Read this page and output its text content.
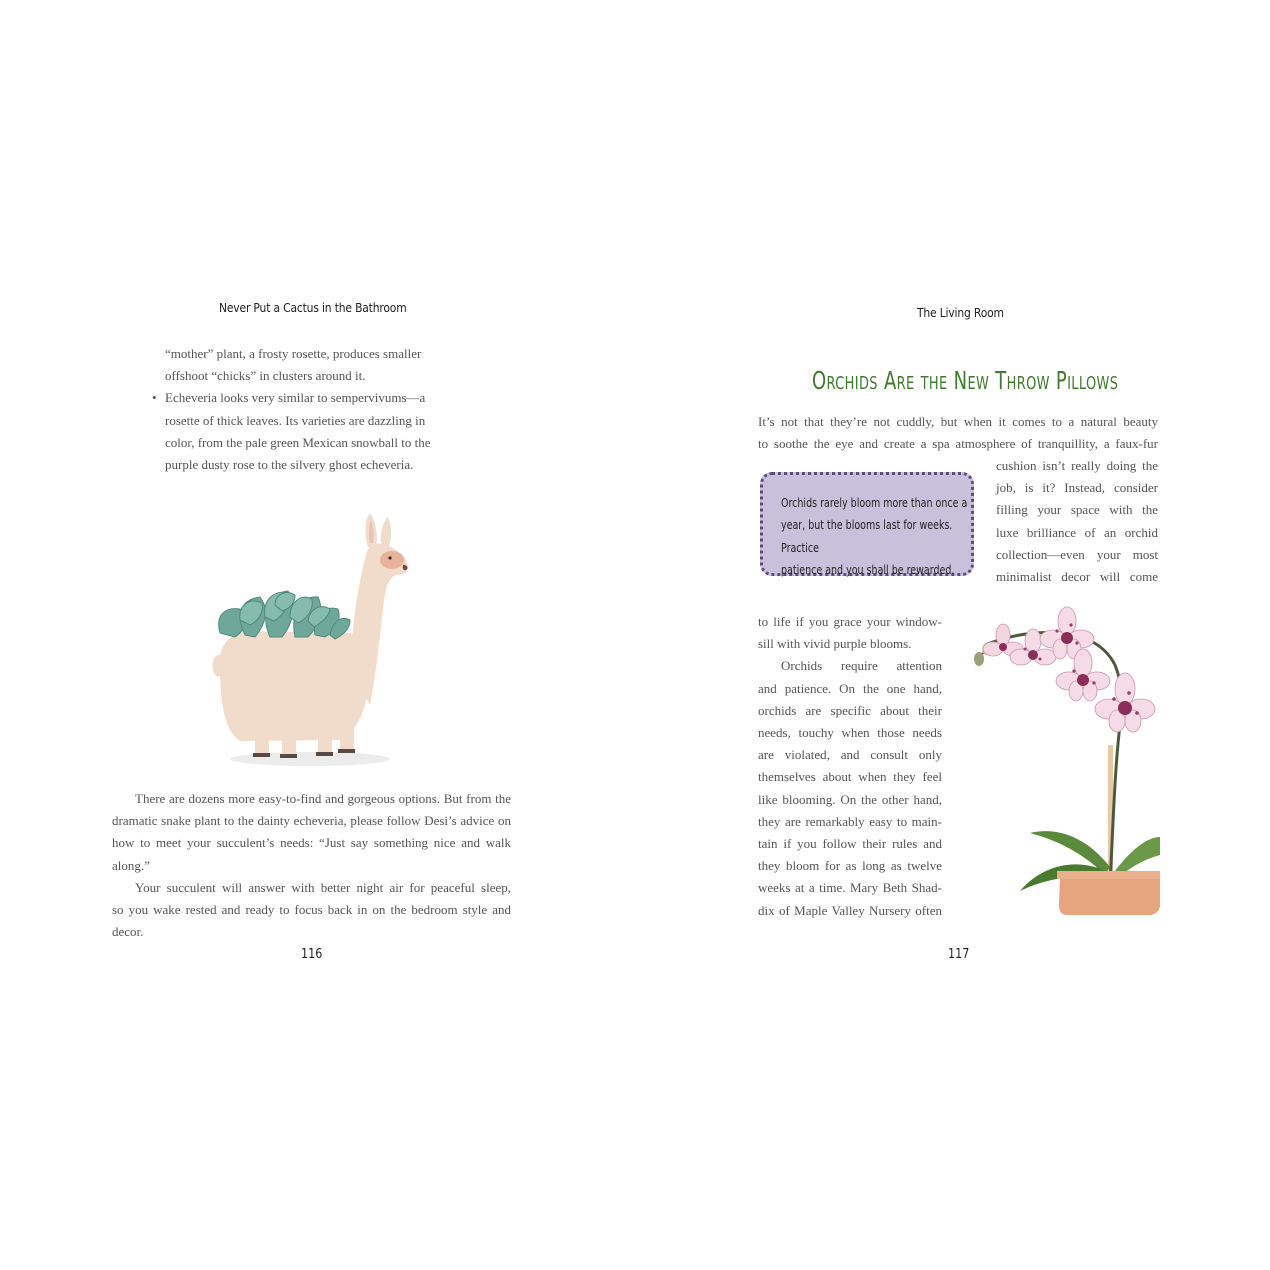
Never Put a Cactus in the Bathroom

“mother” plant, a frosty rosette, produces smaller

offshoot “chicks” in clusters around it.

• Echeveria looks very similar to sempervivums—a

rosette of thick leaves. Its varieties are dazzling in

color, from the pale green Mexican snowball to the

purple dusty rose to the silvery ghost echeveria.

There are dozens more easy-to-find and gorgeous options. But from the

dramatic snake plant to the dainty echeveria, please follow Desi’s advice on

how to meet your succulent’s needs: “Just say something nice and walk along.”

Your succulent will answer with better night air for peaceful sleep,

so you wake rested and ready to focus back in on the bedroom style and

decor.

116
The Living Room
Orchids Are the New Throw Pillows

It’s not that they’re not cuddly, but when it comes to a natural beauty

to soothe the eye and create a spa atmosphere of tranquillity, a faux-fur

cushion isn’t really doing the

job, is it? Instead, consider

filling your space with the

luxe brilliance of an orchid

collection—even your most

minimalist decor will come

Orchids rarely bloom more than once a

year, but the blooms last for weeks. Practice

patience and you shall be rewarded.

to life if you grace your window-

sill with vivid purple blooms.

Orchids require attention

and patience. On the one hand,

orchids are specific about their

needs, touchy when those needs

are violated, and consult only

themselves about when they feel

like blooming. On the other hand,

they are remarkably easy to main-

tain if you follow their rules and

they bloom for as long as twelve

weeks at a time. Mary Beth Shad-

dix of Maple Valley Nursery often

117
